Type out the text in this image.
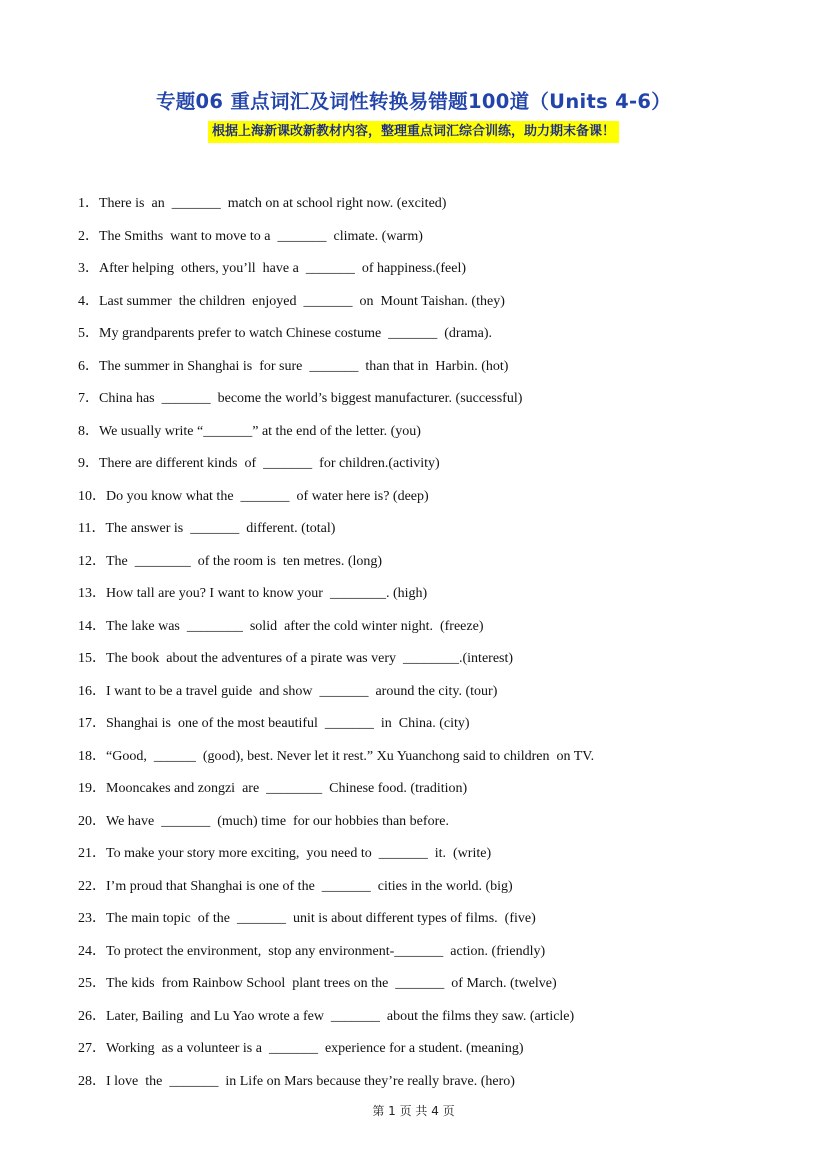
专题06 重点词汇及词性转换易错题100道（Units 4-6）
根据上海新课改新教材内容，整理重点词汇综合训练，助力期末备课！
1．There is  an  _______  match on at school right now. (excited)
2．The Smiths  want to move to a  _______  climate. (warm)
3．After helping  others, you’ll  have a  _______  of happiness.(feel)
4．Last summer  the children  enjoyed  _______  on  Mount Taishan. (they)
5．My grandparents prefer to watch Chinese costume  _______  (drama).
6．The summer in Shanghai is  for sure  _______  than that in  Harbin. (hot)
7．China has  _______  become the world’s biggest manufacturer. (successful)
8．We usually write “_______” at the end of the letter. (you)
9．There are different kinds  of  _______  for children.(activity)
10．Do you know what the  _______  of water here is? (deep)
11．The answer is  _______  different. (total)
12．The  ________  of the room is  ten metres. (long)
13．How tall are you? I want to know your  ________. (high)
14．The lake was  ________  solid  after the cold winter night.  (freeze)
15．The book  about the adventures of a pirate was very  ________.(interest)
16．I want to be a travel guide  and show  _______  around the city. (tour)
17．Shanghai is  one of the most beautiful  _______  in  China. (city)
18．“Good,  ______  (good), best. Never let it rest.” Xu Yuanchong said to children  on TV.
19．Mooncakes and zongzi  are  ________  Chinese food. (tradition)
20．We have  _______  (much) time  for our hobbies than before.
21．To make your story more exciting,  you need to  _______  it.  (write)
22．I’m proud that Shanghai is one of the  _______  cities in the world. (big)
23．The main topic  of the  _______  unit is about different types of films.  (five)
24．To protect the environment,  stop any environment-_______  action. (friendly)
25．The kids  from Rainbow School  plant trees on the  _______  of March. (twelve)
26．Later, Bailing  and Lu Yao wrote a few  _______  about the films they saw. (article)
27．Working  as a volunteer is a  _______  experience for a student. (meaning)
28．I love  the  _______  in Life on Mars because they’re really brave. (hero)
第 1 页 共 4 页
